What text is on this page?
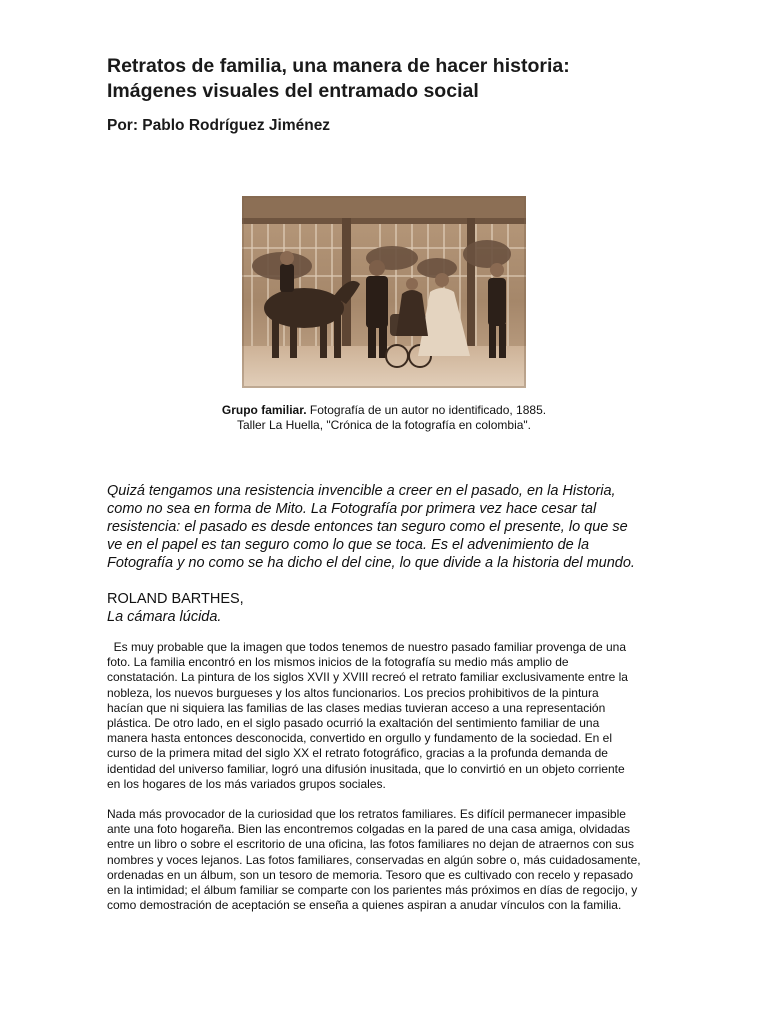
Retratos de familia, una manera de hacer historia:
Imágenes visuales del entramado social

Por: Pablo Rodríguez Jiménez

Grupo familiar. Fotografía de un autor no identificado, 1885.
Taller La Huella, "Crónica de la fotografía en colombia".

Quizá tengamos una resistencia invencible a creer en el pasado, en la Historia,
como no sea en forma de Mito. La Fotografía por primera vez hace cesar tal
resistencia: el pasado es desde entonces tan seguro como el presente, lo que se
ve en el papel es tan seguro como lo que se toca. Es el advenimiento de la
Fotografía y no como se ha dicho el del cine, lo que divide a la historia del mundo.

ROLAND BARTHES,
La cámara lúcida.

Es muy probable que la imagen que todos tenemos de nuestro pasado familiar provenga de una
foto. La familia encontró en los mismos inicios de la fotografía su medio más amplio de
constatación. La pintura de los siglos XVII y XVIII recreó el retrato familiar exclusivamente entre la
nobleza, los nuevos burgueses y los altos funcionarios. Los precios prohibitivos de la pintura
hacían que ni siquiera las familias de las clases medias tuvieran acceso a una representación
plástica. De otro lado, en el siglo pasado ocurrió la exaltación del sentimiento familiar de una
manera hasta entonces desconocida, convertido en orgullo y fundamento de la sociedad. En el
curso de la primera mitad del siglo XX el retrato fotográfico, gracias a la profunda demanda de
identidad del universo familiar, logró una difusión inusitada, que lo convirtió en un objeto corriente
en los hogares de los más variados grupos sociales.

Nada más provocador de la curiosidad que los retratos familiares. Es difícil permanecer impasible
ante una foto hogareña. Bien las encontremos colgadas en la pared de una casa amiga, olvidadas
entre un libro o sobre el escritorio de una oficina, las fotos familiares no dejan de atraernos con sus
nombres y voces lejanos. Las fotos familiares, conservadas en algún sobre o, más cuidadosamente,
ordenadas en un álbum, son un tesoro de memoria. Tesoro que es cultivado con recelo y repasado
en la intimidad; el álbum familiar se comparte con los parientes más próximos en días de regocijo, y
como demostración de aceptación se enseña a quienes aspiran a anudar vínculos con la familia.
